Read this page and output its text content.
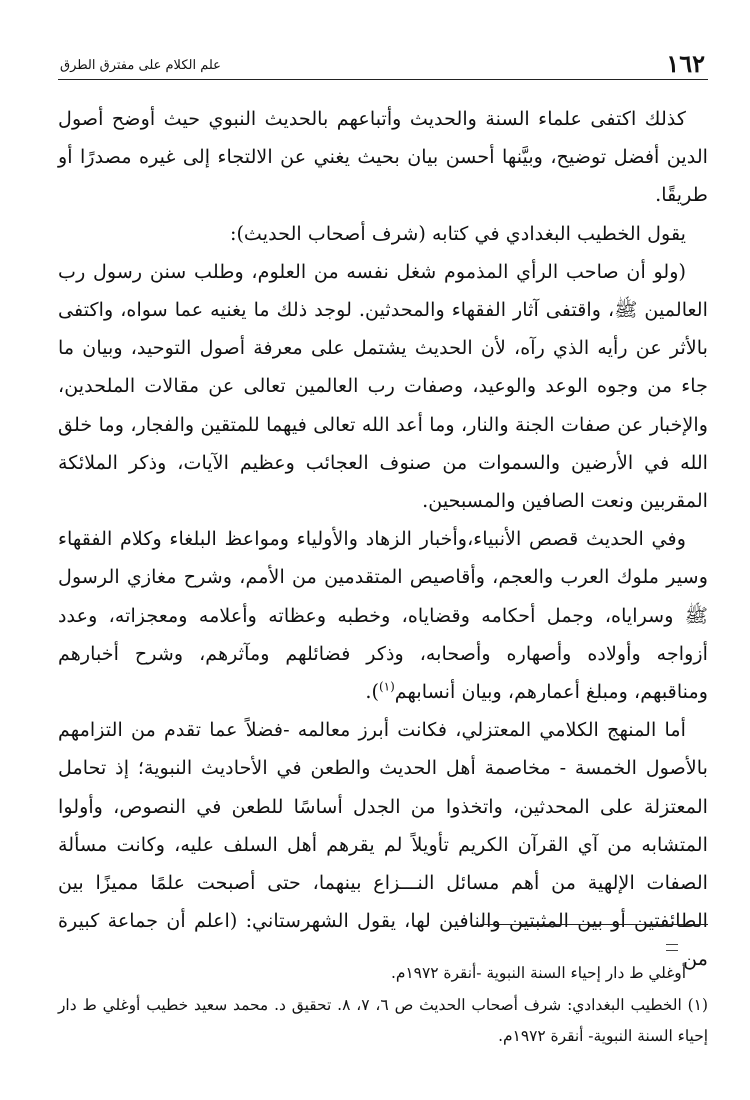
١٦٢
علم الكلام على مفترق الطرق

كذلك اكتفى علماء السنة والحديث وأتباعهم بالحديث النبوي حيث أوضح أصول الدين أفضل توضيح، وبيَّنها أحسن بيان بحيث يغني عن الالتجاء إلى غيره مصدرًا أو طريقًا.

يقول الخطيب البغدادي في كتابه (شرف أصحاب الحديث):

(ولو أن صاحب الرأي المذموم شغل نفسه من العلوم، وطلب سنن رسول رب العالمين ﷺ، واقتفى آثار الفقهاء والمحدثين. لوجد ذلك ما يغنيه عما سواه، واكتفى بالأثر عن رأيه الذي رآه، لأن الحديث يشتمل على معرفة أصول التوحيد، وبيان ما جاء من وجوه الوعد والوعيد، وصفات رب العالمين تعالى عن مقالات الملحدين، والإخبار عن صفات الجنة والنار، وما أعد الله تعالى فيهما للمتقين والفجار، وما خلق الله في الأرضين والسموات من صنوف العجائب وعظيم الآيات، وذكر الملائكة المقربين ونعت الصافين والمسبحين.

وفي الحديث قصص الأنبياء،وأخبار الزهاد والأولياء ومواعظ البلغاء وكلام الفقهاء وسير ملوك العرب والعجم، وأقاصيص المتقدمين من الأمم، وشرح مغازي الرسول ﷺ وسراياه، وجمل أحكامه وقضاياه، وخطبه وعظاته وأعلامه ومعجزاته، وعدد أزواجه وأولاده وأصهاره وأصحابه، وذكر فضائلهم ومآثرهم، وشرح أخبارهم ومناقبهم، ومبلغ أعمارهم، وبيان أنسابهم$^{(١)}$).

أما المنهج الكلامي المعتزلي، فكانت أبرز معالمه -فضلاً عما تقدم من التزامهم بالأصول الخمسة - مخاصمة أهل الحديث والطعن في الأحاديث النبوية؛ إذ تحامل المعتزلة على المحدثين، واتخذوا من الجدل أساسًا للطعن في النصوص، وأولوا المتشابه من آي القرآن الكريم تأويلاً لم يقرهم أهل السلف عليه، وكانت مسألة الصفات الإلهية من أهم مسائل النـــزاع بينهما، حتى أصبحت علمًا مميزًا بين الطائفتين أو بين المثبتين والنافين لها، يقول الشهرستاني: (اعلم أن جماعة كبيرة من

أوغلي ط دار إحياء السنة النبوية -أنقرة ١٩٧٢م.

(١) الخطيب البغدادي: شرف أصحاب الحديث ص ٦، ٧، ٨. تحقيق د. محمد سعيد خطيب أوغلي ط دار إحياء السنة النبوية- أنقرة ١٩٧٢م.
